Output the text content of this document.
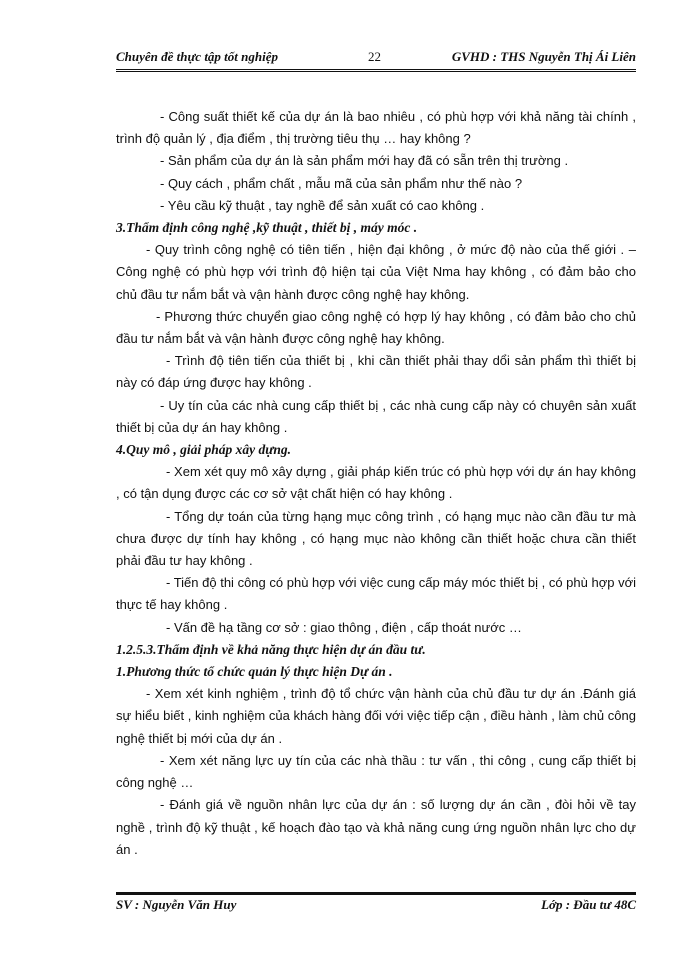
Chuyên đề thực tập tốt nghiệp	22	GVHD : THS Nguyễn Thị Ái Liên

- Công suất thiết kế của dự án là bao nhiêu , có phù hợp với khả năng tài chính , trình độ quản lý , địa điểm , thị trường tiêu thụ … hay không ?

- Sản phẩm của dự án là sản phẩm mới hay đã có sẵn trên thị trường .

- Quy cách , phẩm chất , mẫu mã của sản phẩm như thế nào ?

- Yêu cầu kỹ thuật , tay nghề để sản xuất có cao không .

3.Thẩm định công nghệ ,kỹ thuật , thiết bị , máy móc .

- Quy trình công nghệ có tiên tiến , hiện đại không , ở mức độ nào của thế giới . – Công nghệ có phù hợp với trình độ hiện tại của Việt Nma hay không , có đảm bảo cho chủ đầu tư nắm bắt và vận hành được công nghệ hay không.

- Phương thức chuyển giao công nghệ có hợp lý hay không , có đảm bảo cho chủ đầu tư nắm bắt và vận hành được công nghệ hay không.

- Trình độ tiên tiến của thiết bị , khi cần thiết phải thay dổi sản phẩm thì thiết bị này có đáp ứng được hay không .

- Uy tín của các nhà cung cấp thiết bị , các nhà cung cấp này có chuyên sản xuất thiết bị của dự án hay không .

4.Quy mô , giải pháp xây dựng.

- Xem xét quy mô xây dựng , giải pháp kiến trúc có phù hợp với dự án hay không , có tận dụng được các cơ sở vật chất hiện có hay không .

- Tổng dự toán của từng hạng mục công trình , có hạng mục nào cần đầu tư mà chưa được dự tính hay không , có hạng mục nào không cần thiết hoặc chưa cần thiết phải đầu tư hay không .

- Tiến độ thi công có phù hợp với việc cung cấp máy móc thiết bị , có phù hợp với thực tế hay không .

- Vấn đề hạ tầng cơ sở : giao thông , điện , cấp thoát nước …

1.2.5.3.Thẩm định về khả năng thực hiện dự án đầu tư.

1.Phương thức tổ chức quản lý thực hiện Dự án .

- Xem xét kinh nghiệm , trình độ tổ chức vận hành của chủ đầu tư dự án .Đánh giá sự hiểu biết , kinh nghiệm của khách hàng đối với việc tiếp cận , điều hành , làm chủ công nghệ thiết bị mới của dự án .

- Xem xét năng lực uy tín của các nhà thầu : tư vấn , thi công , cung cấp thiết bị công nghệ …

- Đánh giá về nguồn nhân lực của dự án : số lượng dự án cần , đòi hỏi về tay nghề , trình độ kỹ thuật , kế hoạch đào tạo và khả năng cung ứng nguồn nhân lực cho dự án .

SV : Nguyễn Văn Huy	Lớp : Đầu tư 48C
